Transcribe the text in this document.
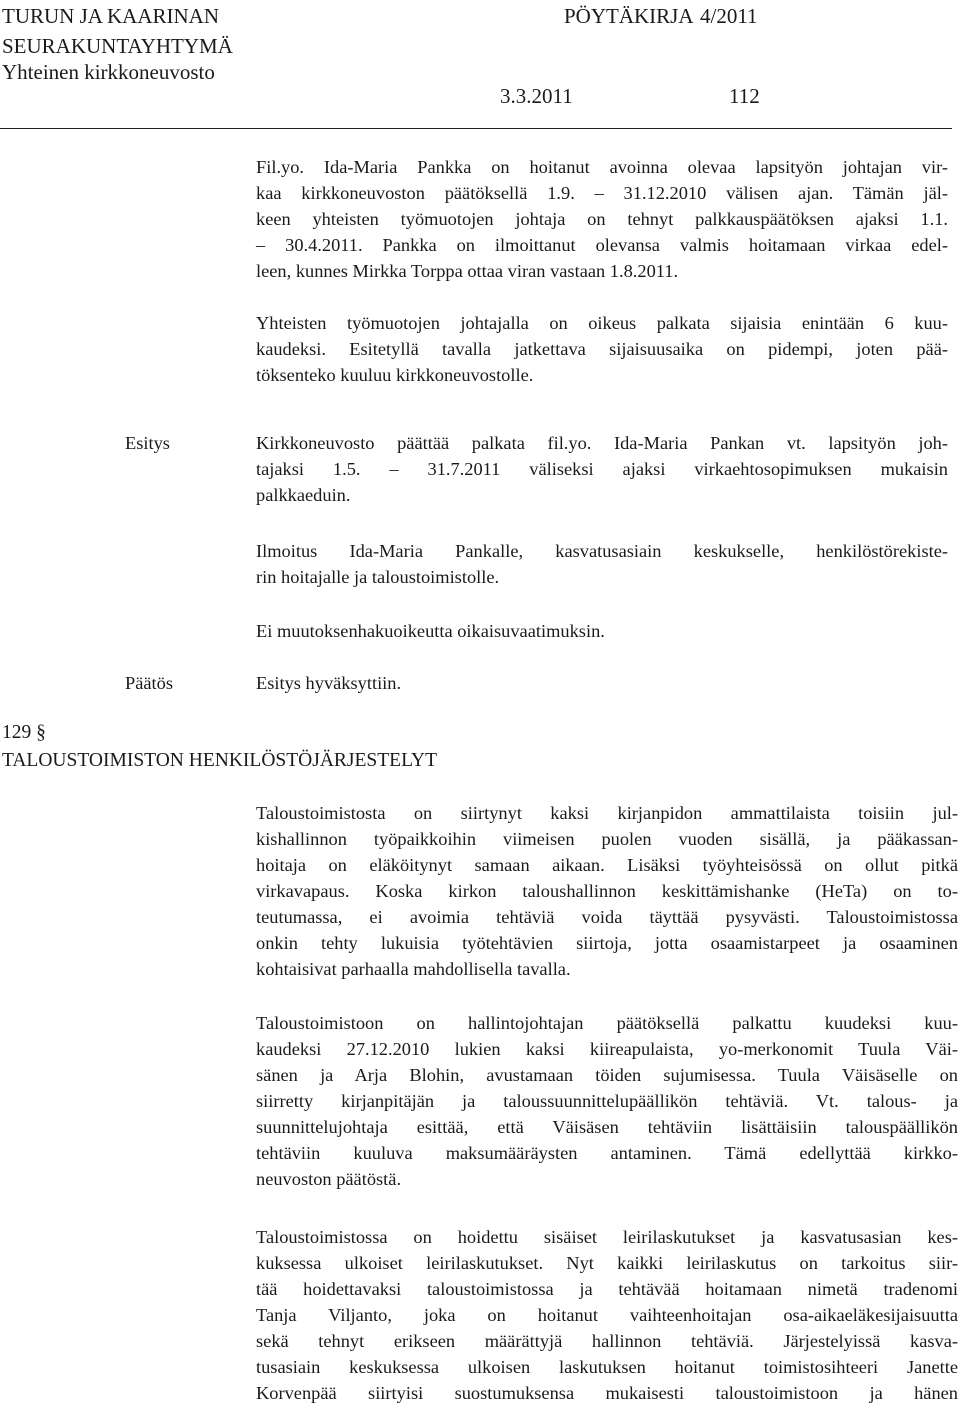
TURUN JA KAARINAN	PÖYTÄKIRJA 4/2011
SEURAKUNTAYHTYMÄ
Yhteinen kirkkoneuvosto
3.3.2011	112
Fil.yo. Ida-Maria Pankka on hoitanut avoinna olevaa lapsityön johtajan vir-
kaa kirkkoneuvoston päätöksellä 1.9. – 31.12.2010 välisen ajan. Tämän jäl-
keen yhteisten työmuotojen johtaja on tehnyt palkkauspäätöksen ajaksi 1.1.
– 30.4.2011. Pankka on ilmoittanut olevansa valmis hoitamaan virkaa edel-
leen, kunnes Mirkka Torppa ottaa viran vastaan 1.8.2011.
Yhteisten työmuotojen johtajalla on oikeus palkata sijaisia enintään 6 kuu-
kaudeksi. Esitetyllä tavalla jatkettava sijaisuusaika on pidempi, joten pää-
töksenteko kuuluu kirkkoneuvostolle.
Esitys	Kirkkoneuvosto päättää palkata fil.yo. Ida-Maria Pankan vt. lapsityön joh-
tajaksi 1.5. – 31.7.2011 väliseksi ajaksi virkaehtosopimuksen mukaisin
palkkaeduin.
Ilmoitus Ida-Maria Pankalle, kasvatusasiain keskukselle, henkilöstörekiste-
rin hoitajalle ja taloustoimistolle.
Ei muutoksenhakuoikeutta oikaisuvaatimuksin.
Päätös	Esitys hyväksyttiin.
129 §
TALOUSTOIMISTON HENKILÖSTÖJÄRJESTELYT
Taloustoimistosta on siirtynyt kaksi kirjanpidon ammattilaista toisiin jul-
kishallinnon työpaikkoihin viimeisen puolen vuoden sisällä, ja pääkassan-
hoitaja on eläköitynyt samaan aikaan. Lisäksi työyhteisössä on ollut pitkä
virkavapaus. Koska kirkon taloushallinnon keskittämishanke (HeTa) on to-
teutumassa, ei avoimia tehtäviä voida täyttää pysyvästi. Taloustoimistossa
onkin tehty lukuisia työtehtävien siirtoja, jotta osaamistarpeet ja osaaminen
kohtaisivat parhaalla mahdollisella tavalla.
Taloustoimistoon on hallintojohtajan päätöksellä palkattu kuudeksi kuu-
kaudeksi 27.12.2010 lukien kaksi kiireapulaista, yo-merkonomit Tuula Väi-
sänen ja Arja Blohin, avustamaan töiden sujumisessa. Tuula Väisäselle on
siirretty kirjanpitäjän ja taloussuunnittelupäällikön tehtäviä. Vt. talous- ja
suunnittelujohtaja esittää, että Väisäsen tehtäviin lisättäisiin talouspäällikön
tehtäviin kuuluva maksumääräysten antaminen. Tämä edellyttää kirkko-
neuvoston päätöstä.
Taloustoimistossa on hoidettu sisäiset leirilaskutukset ja kasvatusasian kes-
kuksessa ulkoiset leirilaskutukset. Nyt kaikki leirilaskutus on tarkoitus siir-
tää hoidettavaksi taloustoimistossa ja tehtävää hoitamaan nimetä tradenomi
Tanja Viljanto, joka on hoitanut vaihteenhoitajan osa-aikaeläkesijaisuutta
sekä tehnyt erikseen määrättyjä hallinnon tehtäviä. Järjestelyissä kasva-
tusasiain keskuksessa ulkoisen laskutuksen hoitanut toimistosihteeri Janette
Korvenpää siirtyisi suostumuksensa mukaisesti taloustoimistoon ja hänen
